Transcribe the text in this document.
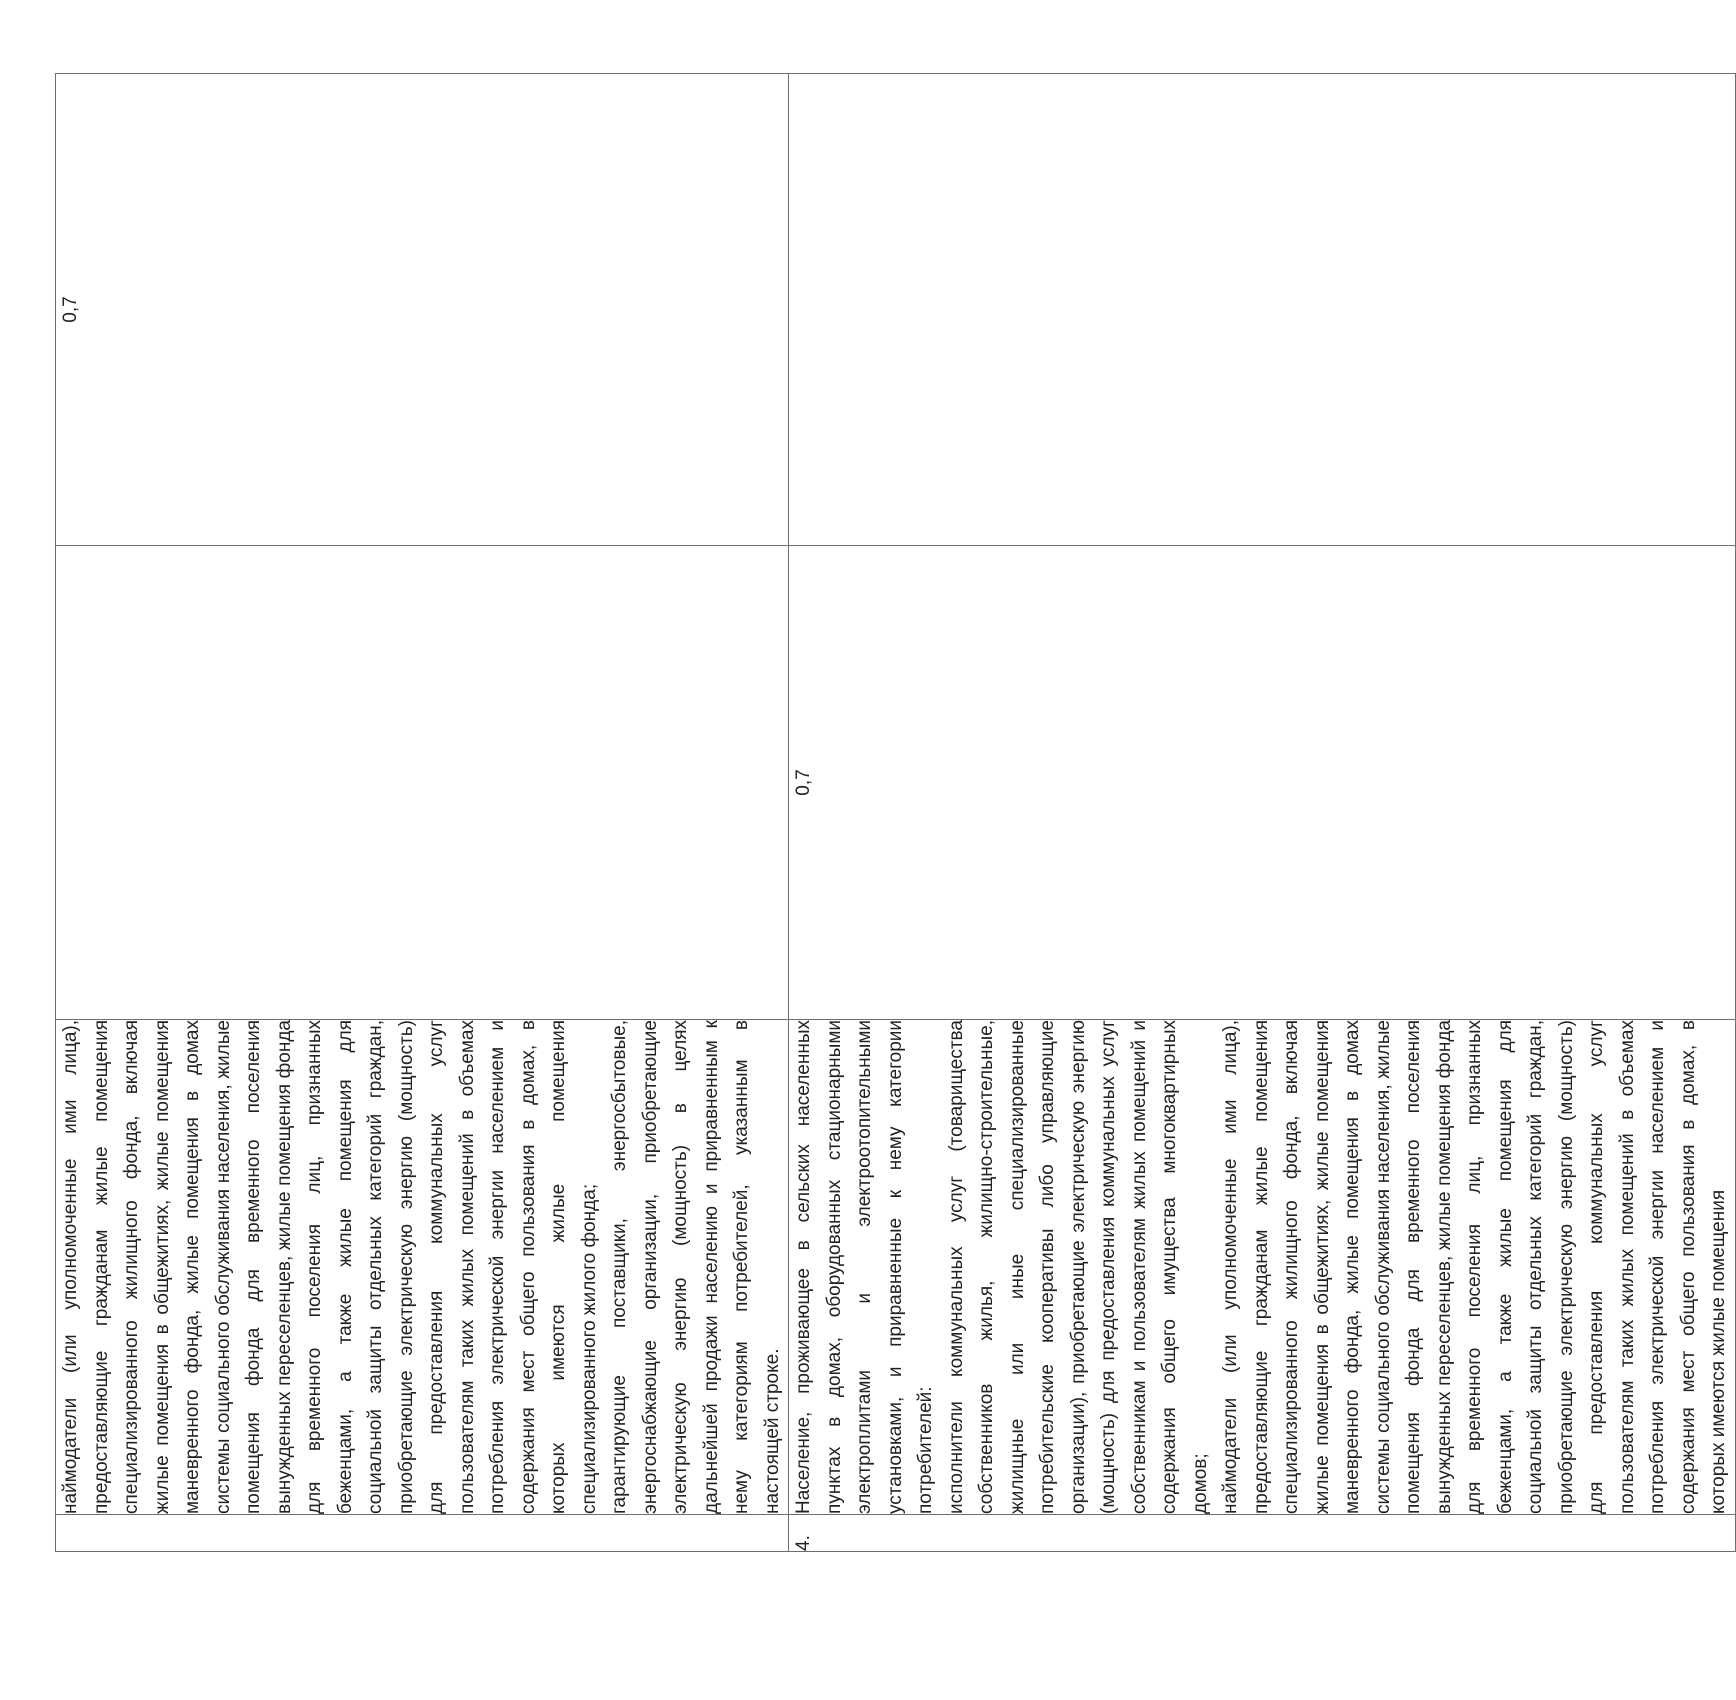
	наймодатели (или уполномоченные ими лица), предоставляющие гражданам жилые помещения специализированного жилищного фонда, включая жилые помещения в общежитиях, жилые помещения маневренного фонда, жилые помещения в домах системы социального обслуживания населения, жилые помещения фонда для временного поселения вынужденных переселенцев, жилые помещения фонда для временного поселения лиц, признанных беженцами, а также жилые помещения для социальной защиты отдельных категорий граждан, приобретающие электрическую энергию (мощность) для предоставления коммунальных услуг пользователям таких жилых помещений в объемах потребления электрической энергии населением и содержания мест общего пользования в домах, в которых имеются жилые помещения специализированного жилого фонда; гарантирующие поставщики, энергосбытовые, энергоснабжающие организации, приобретающие электрическую энергию (мощность) в целях дальнейшей продажи населению и приравненным к нему категориям потребителей, указанным в настоящей строке.		0,7

4.	Население, проживающее в сельских населенных пунктах в домах, оборудованных стационарными электроплитами и электроотопительными установками, и приравненные к нему категории потребителей: исполнители коммунальных услуг (товарищества собственников жилья, жилищно-строительные, жилищные или иные специализированные потребительские кооперативы либо управляющие организации), приобретающие электрическую энергию (мощность) для предоставления коммунальных услуг собственникам и пользователям жилых помещений и содержания общего имущества многоквартирных домов; наймодатели (или уполномоченные ими лица), предоставляющие гражданам жилые помещения специализированного жилищного фонда, включая жилые помещения в общежитиях, жилые помещения маневренного фонда, жилые помещения в домах системы социального обслуживания населения, жилые помещения фонда для временного поселения вынужденных переселенцев, жилые помещения фонда для временного поселения лиц, признанных беженцами, а также жилые помещения для социальной защиты отдельных категорий граждан, приобретающие электрическую энергию (мощность) для предоставления коммунальных услуг пользователям таких жилых помещений в объемах потребления электрической энергии населением и содержания мест общего пользования в домах, в которых имеются жилые помещения	0,7	
